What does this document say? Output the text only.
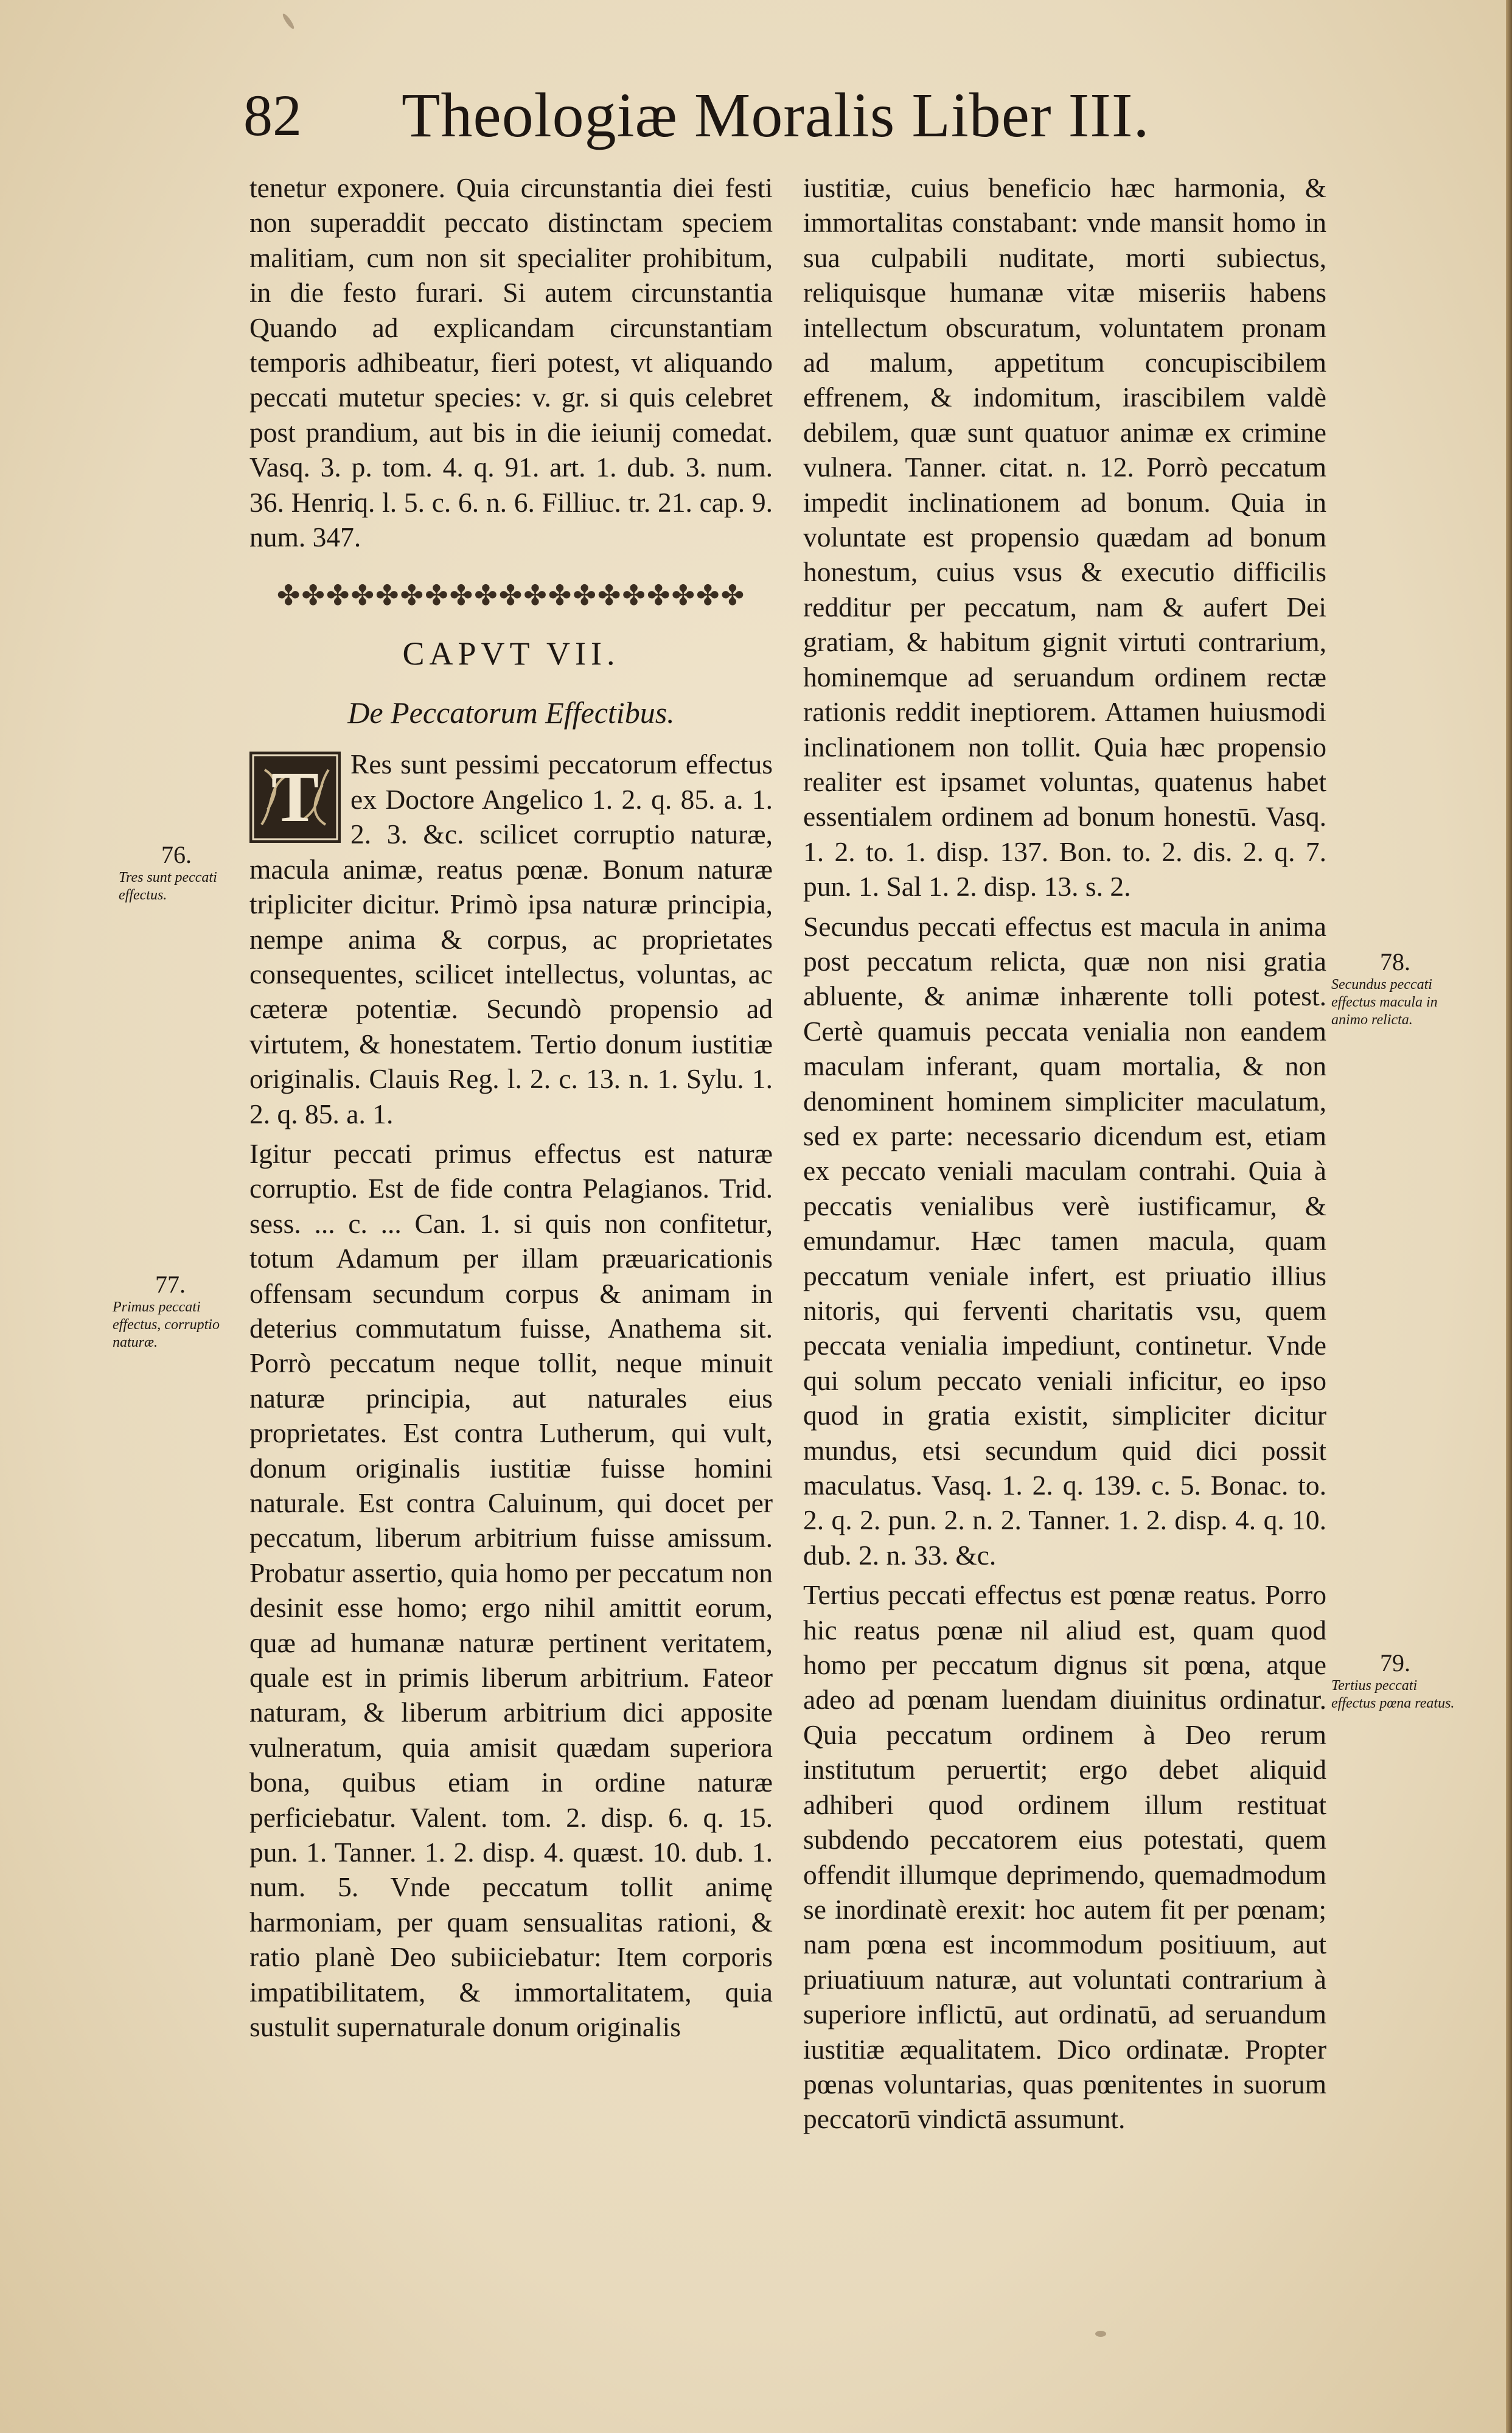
82 Theologiæ Moralis Liber III.

tenetur exponere. Quia circunstantia diei festi non superaddit peccato distinctam speciem malitiam, cum non sit specialiter prohibitum, in die festo furari. Si autem circunstantia Quando ad explicandam circunstantiam temporis adhibeatur, fieri potest, vt aliquando peccati mutetur species: v. gr. si quis celebret post prandium, aut bis in die ieiunij comedat. Vasq. 3. p. tom. 4. q. 91. art. 1. dub. 3. num. 36. Henriq. l. 5. c. 6. n. 6. Filliuc. tr. 21. cap. 9. num. 347.

✤✤✤✤✤✤✤✤✤✤✤✤✤✤✤✤✤✤✤
CAPVT VII.
De Peccatorum Effectibus.

T	Res sunt pessimi peccatorum effectus ex Doctore Angelico 1. 2. q. 85. a. 1. 2. 3. &c. scilicet corruptio naturæ, macula animæ, reatus pœnæ. Bonum naturæ tripliciter dicitur. Primò ipsa naturæ principia, nempe anima & corpus, ac proprietates consequentes, scilicet intellectus, voluntas, ac cæteræ potentiæ. Secundò propensio ad virtutem, & honestatem. Tertio donum iustitiæ originalis. Clauis Reg. l. 2. c. 13. n. 1. Sylu. 1. 2. q. 85. a. 1.

Igitur peccati primus effectus est naturæ corruptio. Est de fide contra Pelagianos. Trid. sess. ... c. ... Can. 1. si quis non confitetur, totum Adamum per illam præuaricationis offensam secundum corpus & animam in deterius commutatum fuisse, Anathema sit. Porrò peccatum neque tollit, neque minuit naturæ principia, aut naturales eius proprietates. Est contra Lutherum, qui vult, donum originalis iustitiæ fuisse homini naturale. Est contra Caluinum, qui docet per peccatum, liberum arbitrium fuisse amissum. Probatur assertio, quia homo per peccatum non desinit esse homo; ergo nihil amittit eorum, quæ ad humanæ naturæ pertinent veritatem, quale est in primis liberum arbitrium. Fateor naturam, & liberum arbitrium dici apposite vulneratum, quia amisit quædam superiora bona, quibus etiam in ordine naturæ perficiebatur. Valent. tom. 2. disp. 6. q. 15. pun. 1. Tanner. 1. 2. disp. 4. quæst. 10. dub. 1. num. 5. Vnde peccatum tollit animę harmoniam, per quam sensualitas rationi, & ratio planè Deo subiiciebatur: Item corporis impatibilitatem, & immortalitatem, quia sustulit supernaturale donum originalis

iustitiæ, cuius beneficio hæc harmonia, & immortalitas constabant: vnde mansit homo in sua culpabili nuditate, morti subiectus, reliquisque humanæ vitæ miseriis habens intellectum obscuratum, voluntatem pronam ad malum, appetitum concupiscibilem effrenem, & indomitum, irascibilem valdè debilem, quæ sunt quatuor animæ ex crimine vulnera. Tanner. citat. n. 12. Porrò peccatum impedit inclinationem ad bonum. Quia in voluntate est propensio quædam ad bonum honestum, cuius vsus & executio difficilis redditur per peccatum, nam & aufert Dei gratiam, & habitum gignit virtuti contrarium, hominemque ad seruandum ordinem rectæ rationis reddit ineptiorem. Attamen huiusmodi inclinationem non tollit. Quia hæc propensio realiter est ipsamet voluntas, quatenus habet essentialem ordinem ad bonum honestū. Vasq. 1. 2. to. 1. disp. 137. Bon. to. 2. dis. 2. q. 7. pun. 1. Sal 1. 2. disp. 13. s. 2.

Secundus peccati effectus est macula in anima post peccatum relicta, quæ non nisi gratia abluente, & animæ inhærente tolli potest. Certè quamuis peccata venialia non eandem maculam inferant, quam mortalia, & non denominent hominem simpliciter maculatum, sed ex parte: necessario dicendum est, etiam ex peccato veniali maculam contrahi. Quia à peccatis venialibus verè iustificamur, & emundamur. Hæc tamen macula, quam peccatum veniale infert, est priuatio illius nitoris, qui ferventi charitatis vsu, quem peccata venialia impediunt, continetur. Vnde qui solum peccato veniali inficitur, eo ipso quod in gratia existit, simpliciter dicitur mundus, etsi secundum quid dici possit maculatus. Vasq. 1. 2. q. 139. c. 5. Bonac. to. 2. q. 2. pun. 2. n. 2. Tanner. 1. 2. disp. 4. q. 10. dub. 2. n. 33. &c.

Tertius peccati effectus est pœnæ reatus. Porro hic reatus pœnæ nil aliud est, quam quod homo per peccatum dignus sit pœna, atque adeo ad pœnam luendam diuinitus ordinatur. Quia peccatum ordinem à Deo rerum institutum peruertit; ergo debet aliquid adhiberi quod ordinem illum restituat subdendo peccatorem eius potestati, quem offendit illumque deprimendo, quemadmodum se inordinatè erexit: hoc autem fit per pœnam; nam pœna est incommodum positiuum, aut priuatiuum naturæ, aut voluntati contrarium à superiore inflictū, aut ordinatū, ad seruandum iustitiæ æqualitatem. Dico ordinatæ. Propter pœnas voluntarias, quas pœnitentes in suorum peccatorū vindictā assumunt.

76.
Tres sunt peccati effectus.
77.
Primus peccati effectus, corruptio naturæ.
78.
Secundus peccati effectus macula in animo relicta.
79.
Tertius peccati effectus pœna reatus.
